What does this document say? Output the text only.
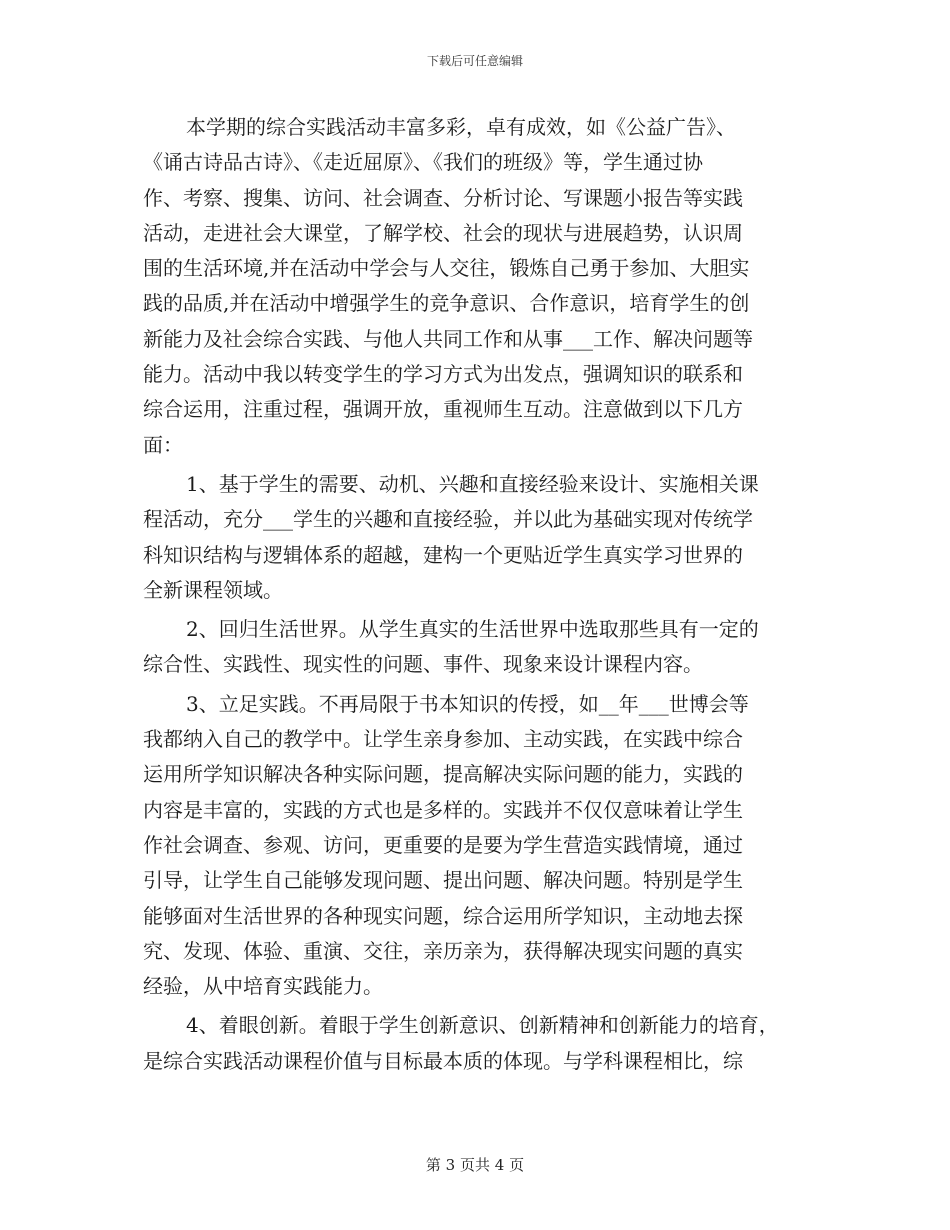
下载后可任意编辑
本学期的综合实践活动丰富多彩，卓有成效，如《公益广告》、
《诵古诗品古诗》、《走近屈原》、《我们的班级》等，学生通过协
作、考察、搜集、访问、社会调查、分析讨论、写课题小报告等实践
活动，走进社会大课堂，了解学校、社会的现状与进展趋势，认识周
围的生活环境,并在活动中学会与人交往，锻炼自己勇于参加、大胆实
践的品质,并在活动中增强学生的竞争意识、合作意识，培育学生的创
新能力及社会综合实践、与他人共同工作和从事___工作、解决问题等
能力。活动中我以转变学生的学习方式为出发点，强调知识的联系和
综合运用，注重过程，强调开放，重视师生互动。注意做到以下几方
面：
1、基于学生的需要、动机、兴趣和直接经验来设计、实施相关课
程活动，充分___学生的兴趣和直接经验，并以此为基础实现对传统学
科知识结构与逻辑体系的超越，建构一个更贴近学生真实学习世界的
全新课程领域。
2、回归生活世界。从学生真实的生活世界中选取那些具有一定的
综合性、实践性、现实性的问题、事件、现象来设计课程内容。
3、立足实践。不再局限于书本知识的传授，如__年___世博会等
我都纳入自己的教学中。让学生亲身参加、主动实践，在实践中综合
运用所学知识解决各种实际问题，提高解决实际问题的能力，实践的
内容是丰富的，实践的方式也是多样的。实践并不仅仅意味着让学生
作社会调查、参观、访问，更重要的是要为学生营造实践情境，通过
引导，让学生自己能够发现问题、提出问题、解决问题。特别是学生
能够面对生活世界的各种现实问题，综合运用所学知识，主动地去探
究、发现、体验、重演、交往，亲历亲为，获得解决现实问题的真实
经验，从中培育实践能力。
4、着眼创新。着眼于学生创新意识、创新精神和创新能力的培育，
是综合实践活动课程价值与目标最本质的体现。与学科课程相比，综
第 3 页共 4 页
